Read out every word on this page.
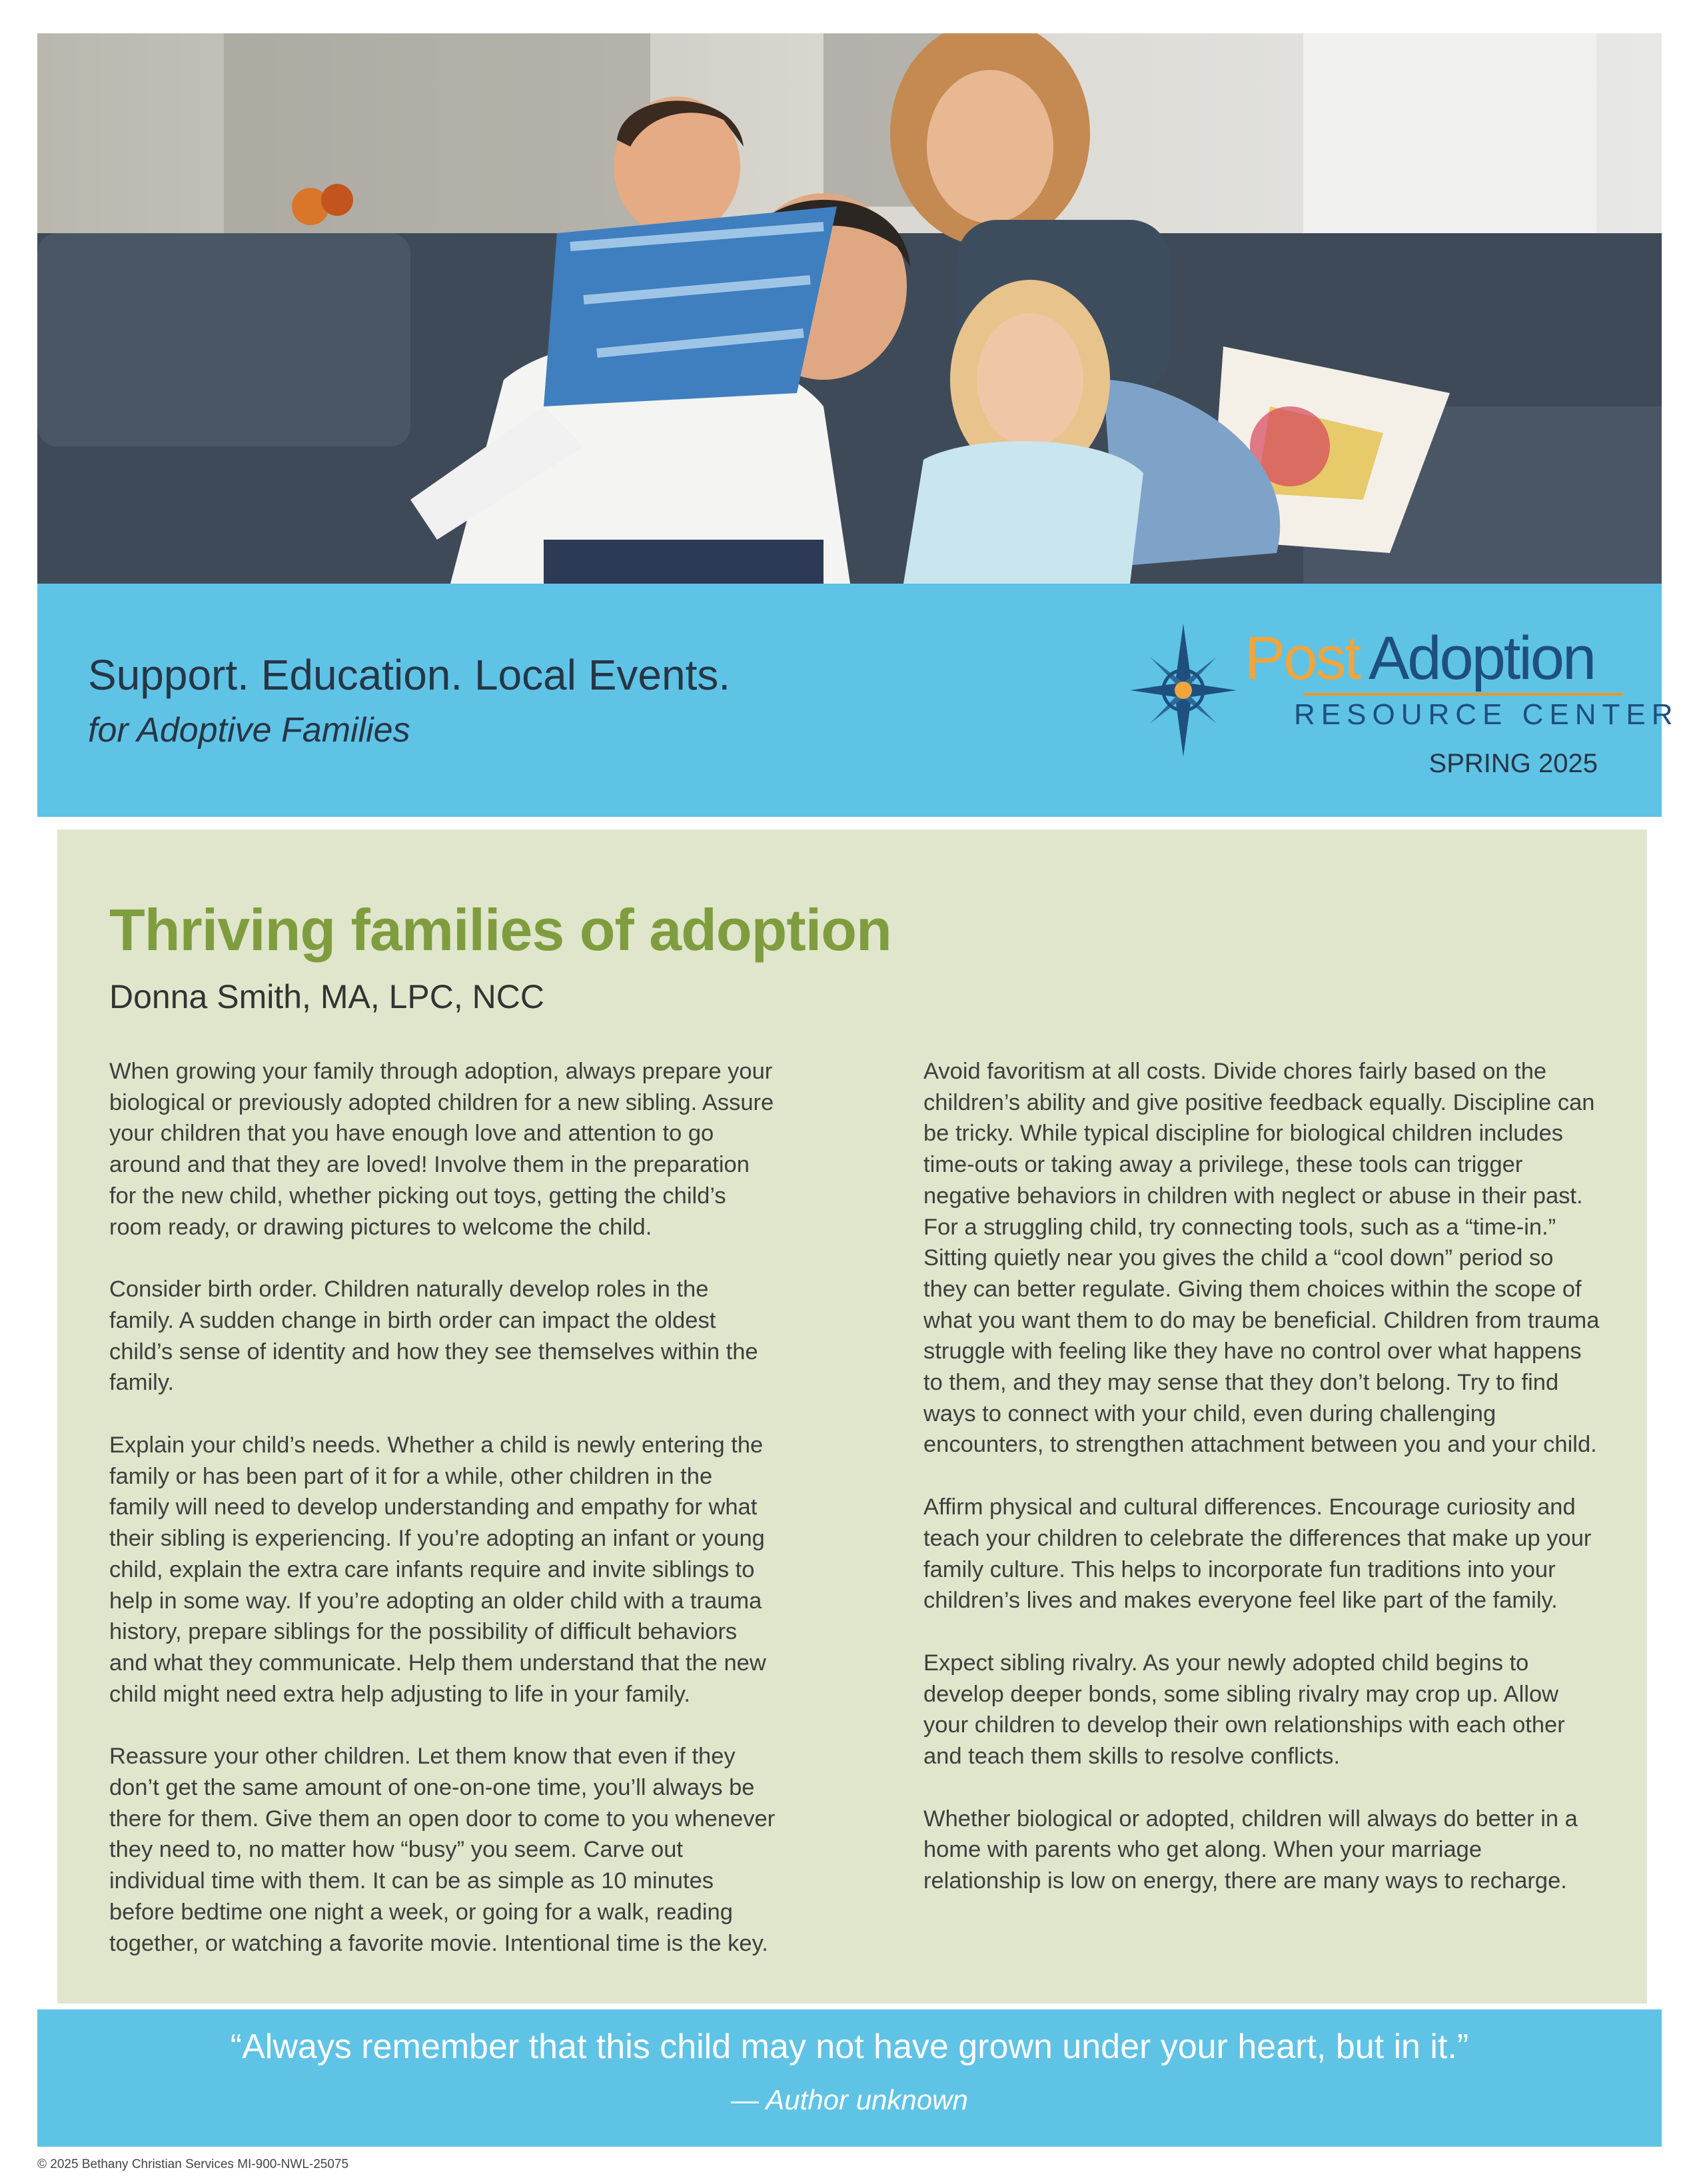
Support. Education. Local Events.
for Adoptive Families
Post Adoption
RESOURCE CENTER
SPRING 2025
Thriving families of adoption
Donna Smith, MA, LPC, NCC

When growing your family through adoption, always prepare your biological or previously adopted children for a new sibling. Assure your children that you have enough love and attention to go around and that they are loved! Involve them in the preparation for the new child, whether picking out toys, getting the child’s room ready, or drawing pictures to welcome the child.

Consider birth order. Children naturally develop roles in the family. A sudden change in birth order can impact the oldest child’s sense of identity and how they see themselves within the family.

Explain your child’s needs. Whether a child is newly entering the family or has been part of it for a while, other children in the family will need to develop understanding and empathy for what their sibling is experiencing. If you’re adopting an infant or young child, explain the extra care infants require and invite siblings to help in some way. If you’re adopting an older child with a trauma history, prepare siblings for the possibility of difficult behaviors and what they communicate. Help them understand that the new child might need extra help adjusting to life in your family.

Reassure your other children. Let them know that even if they don’t get the same amount of one-on-one time, you’ll always be there for them. Give them an open door to come to you whenever they need to, no matter how “busy” you seem. Carve out individual time with them. It can be as simple as 10 minutes before bedtime one night a week, or going for a walk, reading together, or watching a favorite movie. Intentional time is the key.

Avoid favoritism at all costs. Divide chores fairly based on the children’s ability and give positive feedback equally. Discipline can be tricky. While typical discipline for biological children includes time-outs or taking away a privilege, these tools can trigger negative behaviors in children with neglect or abuse in their past. For a struggling child, try connecting tools, such as a “time-in.” Sitting quietly near you gives the child a “cool down” period so they can better regulate. Giving them choices within the scope of what you want them to do may be beneficial. Children from trauma struggle with feeling like they have no control over what happens to them, and they may sense that they don’t belong. Try to find ways to connect with your child, even during challenging encounters, to strengthen attachment between you and your child.

Affirm physical and cultural differences. Encourage curiosity and teach your children to celebrate the differences that make up your family culture. This helps to incorporate fun traditions into your children’s lives and makes everyone feel like part of the family.

Expect sibling rivalry. As your newly adopted child begins to develop deeper bonds, some sibling rivalry may crop up. Allow your children to develop their own relationships with each other and teach them skills to resolve conflicts.

Whether biological or adopted, children will always do better in a home with parents who get along. When your marriage relationship is low on energy, there are many ways to recharge.

“Always remember that this child may not have grown under your heart, but in it.”
— Author unknown
© 2025 Bethany Christian Services MI-900-NWL-25075
